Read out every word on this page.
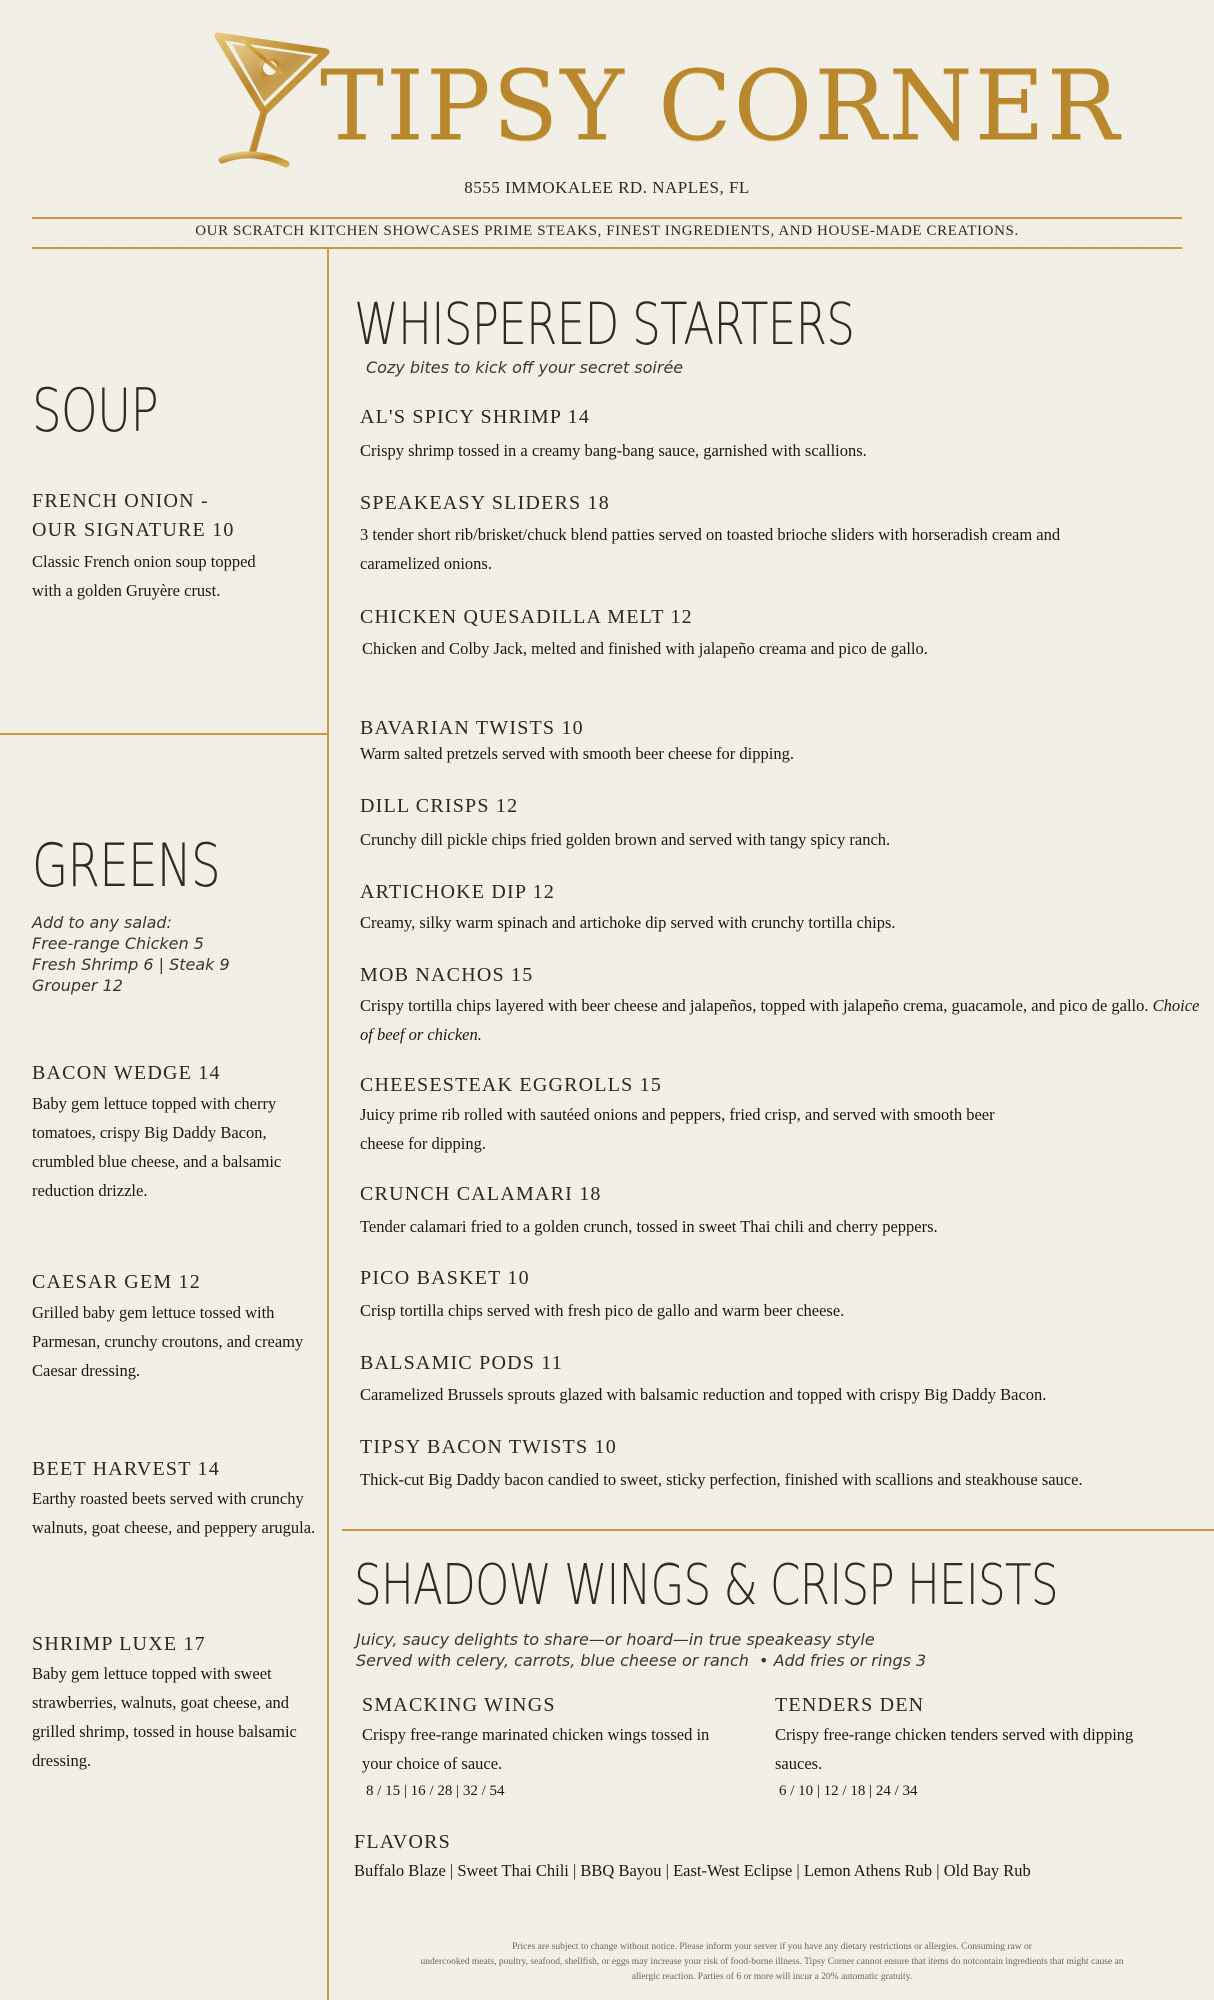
TIPSY CORNER
8555 IMMOKALEE RD. NAPLES, FL
OUR SCRATCH KITCHEN SHOWCASES PRIME STEAKS, FINEST INGREDIENTS, AND HOUSE-MADE CREATIONS.
SOUP
FRENCH ONION -
OUR SIGNATURE 10
Classic French onion soup topped with a golden Gruyère crust.
GREENS
Add to any salad:
Free-range Chicken 5
Fresh Shrimp 6 | Steak 9
Grouper 12
BACON WEDGE 14
Baby gem lettuce topped with cherry tomatoes, crispy Big Daddy Bacon, crumbled blue cheese, and a balsamic reduction drizzle.
CAESAR GEM 12
Grilled baby gem lettuce tossed with Parmesan, crunchy croutons, and creamy Caesar dressing.
BEET HARVEST 14
Earthy roasted beets served with crunchy walnuts, goat cheese, and peppery arugula.
SHRIMP LUXE 17
Baby gem lettuce topped with sweet strawberries, walnuts, goat cheese, and grilled shrimp, tossed in house balsamic dressing.
WHISPERED STARTERS
Cozy bites to kick off your secret soirée
AL'S SPICY SHRIMP 14
Crispy shrimp tossed in a creamy bang-bang sauce, garnished with scallions.
SPEAKEASY SLIDERS 18
3 tender short rib/brisket/chuck blend patties served on toasted brioche sliders with horseradish cream and caramelized onions.
CHICKEN QUESADILLA MELT 12
Chicken and Colby Jack, melted and finished with jalapeño creama and pico de gallo.
BAVARIAN TWISTS 10
Warm salted pretzels served with smooth beer cheese for dipping.
DILL CRISPS 12
Crunchy dill pickle chips fried golden brown and served with tangy spicy ranch.
ARTICHOKE DIP 12
Creamy, silky warm spinach and artichoke dip served with crunchy tortilla chips.
MOB NACHOS 15
Crispy tortilla chips layered with beer cheese and jalapeños, topped with jalapeño crema, guacamole, and pico de gallo. Choice of beef or chicken.
CHEESESTEAK EGGROLLS 15
Juicy prime rib rolled with sautéed onions and peppers, fried crisp, and served with smooth beer cheese for dipping.
CRUNCH CALAMARI 18
Tender calamari fried to a golden crunch, tossed in sweet Thai chili and cherry peppers.
PICO BASKET 10
Crisp tortilla chips served with fresh pico de gallo and warm beer cheese.
BALSAMIC PODS 11
Caramelized Brussels sprouts glazed with balsamic reduction and topped with crispy Big Daddy Bacon.
TIPSY BACON TWISTS 10
Thick-cut Big Daddy bacon candied to sweet, sticky perfection, finished with scallions and steakhouse sauce.
SHADOW WINGS & CRISP HEISTS
Juicy, saucy delights to share—or hoard—in true speakeasy style
Served with celery, carrots, blue cheese or ranch  • Add fries or rings 3
SMACKING WINGS
Crispy free-range marinated chicken wings tossed in your choice of sauce.
8 / 15 | 16 / 28 | 32 / 54
TENDERS DEN
Crispy free-range chicken tenders served with dipping sauces.
6 / 10 | 12 / 18 | 24 / 34
FLAVORS
Buffalo Blaze | Sweet Thai Chili | BBQ Bayou | East-West Eclipse | Lemon Athens Rub | Old Bay Rub
Prices are subject to change without notice. Please inform your server if you have any dietary restrictions or allergies. Consuming raw or
undercooked meats, poultry, seafood, shellfish, or eggs may increase your risk of food-borne illness. Tipsy Corner cannot ensure that items do notcontain ingredients that might cause an
allergic reaction. Parties of 6 or more will incur a 20% automatic gratuity.
